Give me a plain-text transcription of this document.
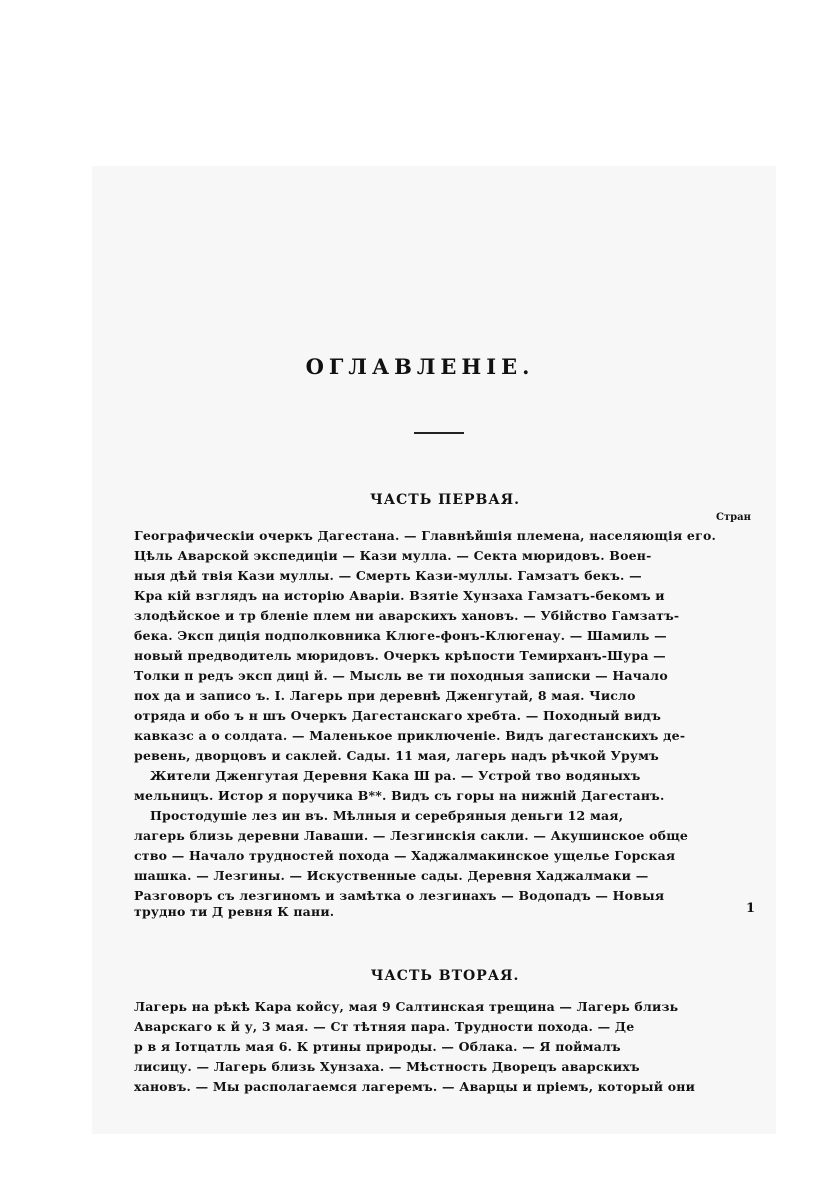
ОГЛАВЛЕНІЕ.
ЧАСТЬ ПЕРВАЯ.
Стран
Географическіи очеркъ Дагестана. — Главнѣйшія племена, населяющія его.
Цѣль Аварской экспедиціи — Кази мулла. — Секта мюридовъ. Воен-
ныя дѣй твія Кази муллы. — Смерть Кази-муллы. Гамзатъ бекъ. —
Кра кій взглядъ на исторію Аваріи. Взятіе Хунзаха Гамзатъ-бекомъ и
злодѣйское и тр бленіе плем ни аварскихъ хановъ. — Убійство Гамзатъ-
бека. Эксп диція подполковника Клюге-фонъ-Клюгенау. — Шамиль —
новый предводитель мюридовъ. Очеркъ крѣпости Темирханъ-Шура —
Толки п редъ эксп диці й. — Мысль ве ти походныя записки — Начало
пох да и записо ъ. І. Лагерь при деревнѣ Дженгутай, 8 мая. Число
отряда и обо ъ н шъ Очеркъ Дагестанскаго хребта. — Походный видъ
кавказс а о солдата. — Маленькое приключеніе. Видъ дагестанскихъ де-
ревень, дворцовъ и саклей. Сады. 11 мая, лагерь надъ рѣчкой Урумъ
Жители Дженгутая Деревня Кака Ш ра. — Устрой тво водяныхъ
мельницъ. Истор я поручика В**. Видъ съ горы на нижній Дагестанъ.
Простодушіе лез ин въ. Мѣлныя и серебряныя деньги 12 мая,
лагерь близь деревни Лаваши. — Лезгинскія сакли. — Акушинское обще
ство — Начало трудностей похода — Хаджалмакинское ущелье Горская
шашка. — Лезгины. — Искуственные сады. Деревня Хаджалмаки —
Разговоръ съ лезгиномъ и замѣтка о лезгинахъ — Водопадъ — Новыя
трудно ти Д ревня К пани.	1
ЧАСТЬ ВТОРАЯ.
Лагерь на рѣкѣ Кара койсу, мая 9 Салтинская трещина — Лагерь близь
Аварскаго к й у, 3 мая. — Ст тѣтняя пара. Трудности похода. — Де
р в я Іотцатль мая 6. К ртины природы. — Облака. — Я поймалъ
лисицу. — Лагерь близь Хунзаха. — Мѣстность Дворецъ аварскихъ
хановъ. — Мы располагаемся лагеремъ. — Аварцы и пріемъ, который они
